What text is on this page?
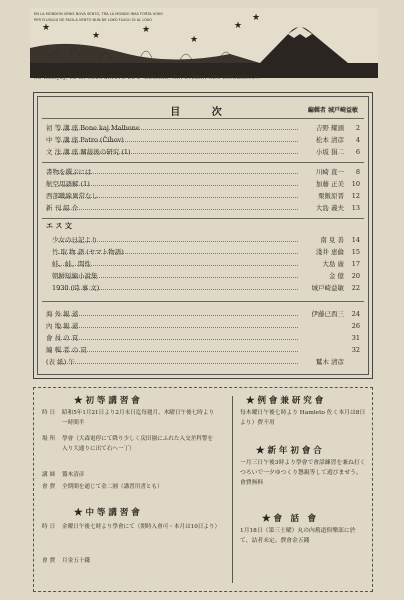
★
★
★
★
★
★
EN LA MONDON VENIS NOVA SENTO, TRA LA MONDO IRAS FORTA VOKO
PER FLUGILOJ DE FACILA VENTO NUN DE LOKO FLUGU ĜI AL LOKO
NE RACIJOJ, ĈE LA SOLA LINGVO DE L' HOMARO, NIA ETERNA ĜEN ESPERANTO...
目 次	編輯者 城戸崎益敏
初 等 講 座 Bone kaj Malbone	吉野 耀頭	2
中 等 講 座 Patro (Ĉiĥov)	松本 清彦	4
文 法 講 座 關接後の研究 (1)	小坂 狷二	6
書物を撰ぶには	川崎 直一	8
航空用語解 (1)	加藤 正美	10
西部戰線異常なし	栗飯原晋	12
新 刊 紹 介	大島 義夫	13
エ ス 文
少女の日記より	南 見 善	14
竹 取 物 語 (ヤマト物語)	淺井 恵倫	15
蛙、蛙、間性	大島 廣	17
朝鮮短編小說集	金 億	20
1930 (時 事 文)	城戸崎益敏	22
海 外 報 道	伊藤已酉三	24
內 地 報 道	26
會 員 の 頁	31
編 輯 者 の 頁	32
(表 紙) 午	鷲木 清彦
★ 初 等 講 習 會
時日 昭和5年1月21日より2月末日迄每週月、木曜日午後七時より一時間半
場所 學會（大森電停にて降り少しく戻田園にふれた入交差科警を入り大通りに出て右へ一丁）
講師 鷲木清彦
會費 全期間を通じて金二圓（講習用書とも）
★ 中 等 講 習 會
時日 金曜日午後七時より學會にて（開時入會可・本月は10日より）
會費 月金五十錢
★ 例 會 兼 研 究 會
每木曜日午後七時より Hamleto 佐く本月は8日より）費不用
★ 新 年 初 會 合
一月三日午後3時より學會で會話練習を兼ね打くつろいで一夕ゆつくり懇親等して遊びませう。會費無料
★ 會　話　會
1月18日（第三土曜）丸の內舊道倶樂部に於て、詰者未定。費會金五錢
